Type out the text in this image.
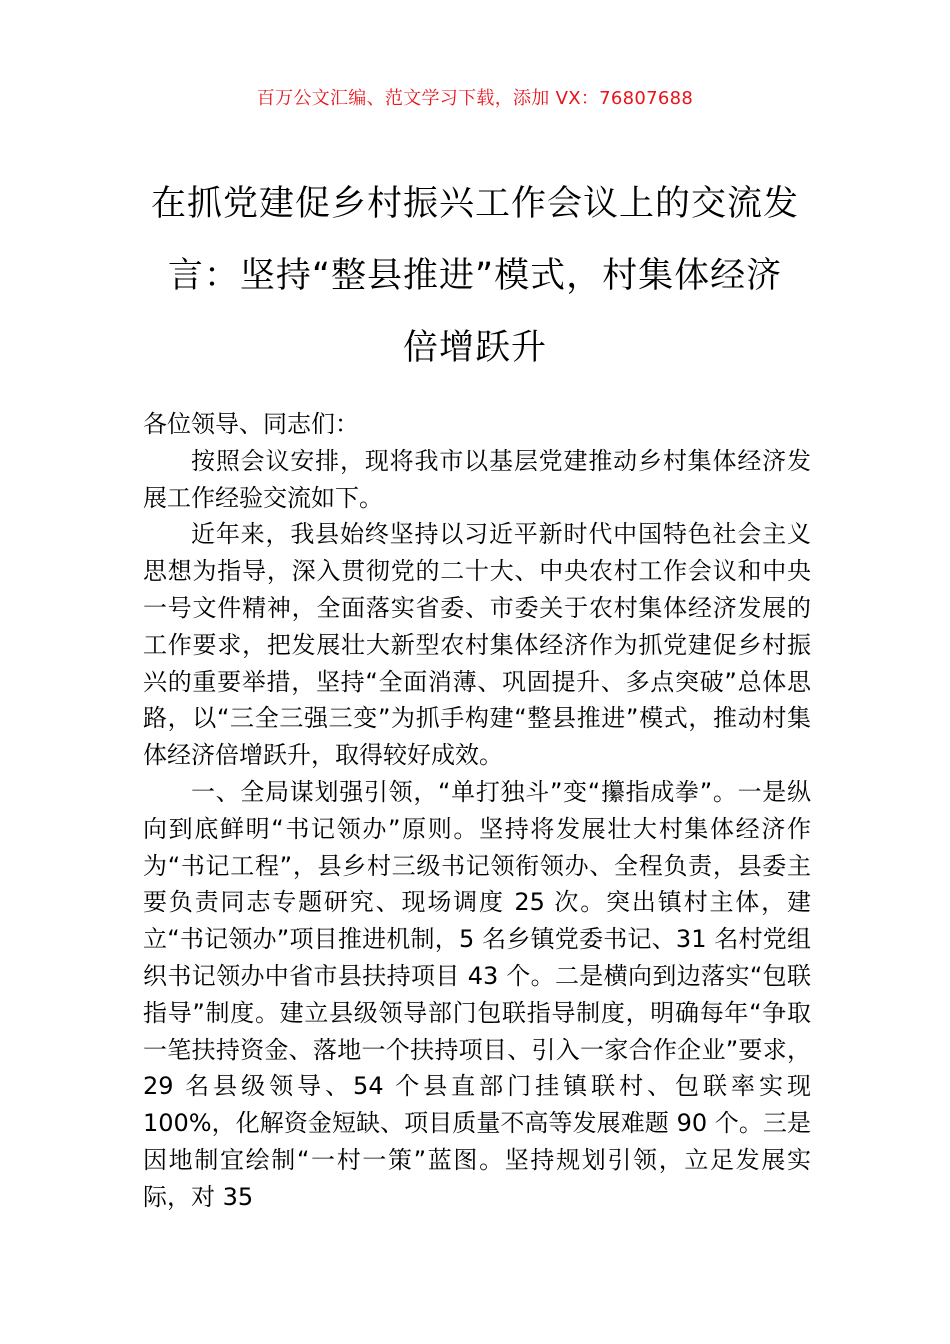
百万公文汇编、范文学习下载，添加 VX：76807688
在抓党建促乡村振兴工作会议上的交流发
言：坚持“整县推进”模式，村集体经济
倍增跃升

各位领导、同志们：

按照会议安排，现将我市以基层党建推动乡村集体经济发展工作经验交流如下。

近年来，我县始终坚持以习近平新时代中国特色社会主义思想为指导，深入贯彻党的二十大、中央农村工作会议和中央一号文件精神，全面落实省委、市委关于农村集体经济发展的工作要求，把发展壮大新型农村集体经济作为抓党建促乡村振兴的重要举措，坚持“全面消薄、巩固提升、多点突破”总体思路，以“三全三强三变”为抓手构建“整县推进”模式，推动村集体经济倍增跃升，取得较好成效。

一、全局谋划强引领，“单打独斗”变“攥指成拳”。一是纵向到底鲜明“书记领办”原则。坚持将发展壮大村集体经济作为“书记工程”，县乡村三级书记领衔领办、全程负责，县委主要负责同志专题研究、现场调度 25 次。突出镇村主体，建立“书记领办”项目推进机制，5 名乡镇党委书记、31 名村党组织书记领办中省市县扶持项目 43 个。二是横向到边落实“包联指导”制度。建立县级领导部门包联指导制度，明确每年“争取一笔扶持资金、落地一个扶持项目、引入一家合作企业”要求，29 名县级领导、54 个县直部门挂镇联村、包联率实现 100%，化解资金短缺、项目质量不高等发展难题 90 个。三是因地制宜绘制“一村一策”蓝图。坚持规划引领，立足发展实际，对 35
